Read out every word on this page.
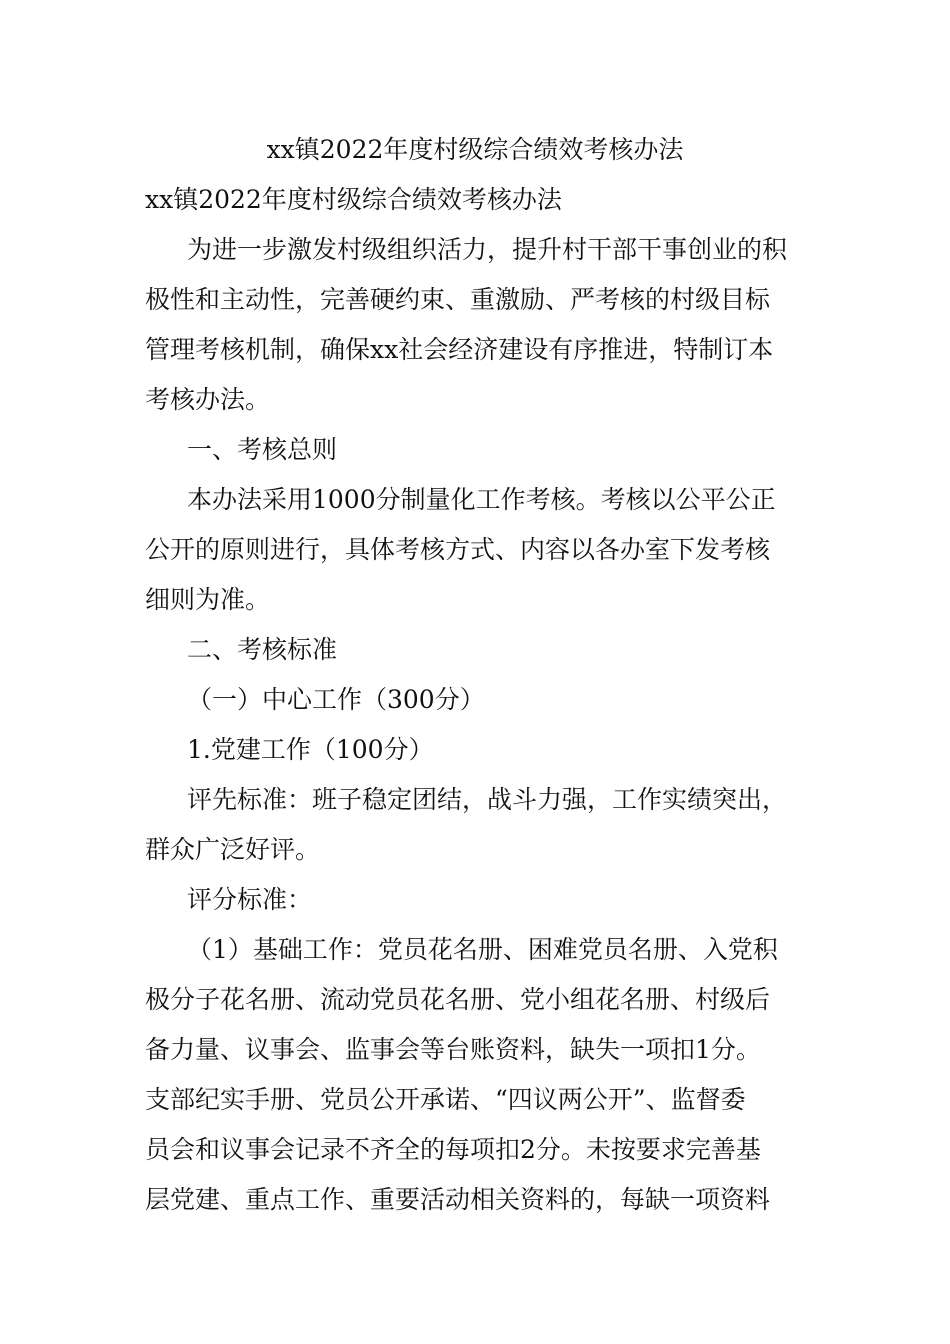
xx镇2022年度村级综合绩效考核办法
xx镇2022年度村级综合绩效考核办法
为进一步激发村级组织活力，提升村干部干事创业的积
极性和主动性，完善硬约束、重激励、严考核的村级目标
管理考核机制，确保xx社会经济建设有序推进，特制订本
考核办法。
一、考核总则
本办法采用1000分制量化工作考核。考核以公平公正
公开的原则进行，具体考核方式、内容以各办室下发考核
细则为准。
二、考核标准
（一）中心工作（300分）
1.党建工作（100分）
评先标准：班子稳定团结，战斗力强，工作实绩突出，
群众广泛好评。
评分标准：
（1）基础工作：党员花名册、困难党员名册、入党积
极分子花名册、流动党员花名册、党小组花名册、村级后
备力量、议事会、监事会等台账资料，缺失一项扣1分。
支部纪实手册、党员公开承诺、“四议两公开”、监督委
员会和议事会记录不齐全的每项扣2分。未按要求完善基
层党建、重点工作、重要活动相关资料的，每缺一项资料
